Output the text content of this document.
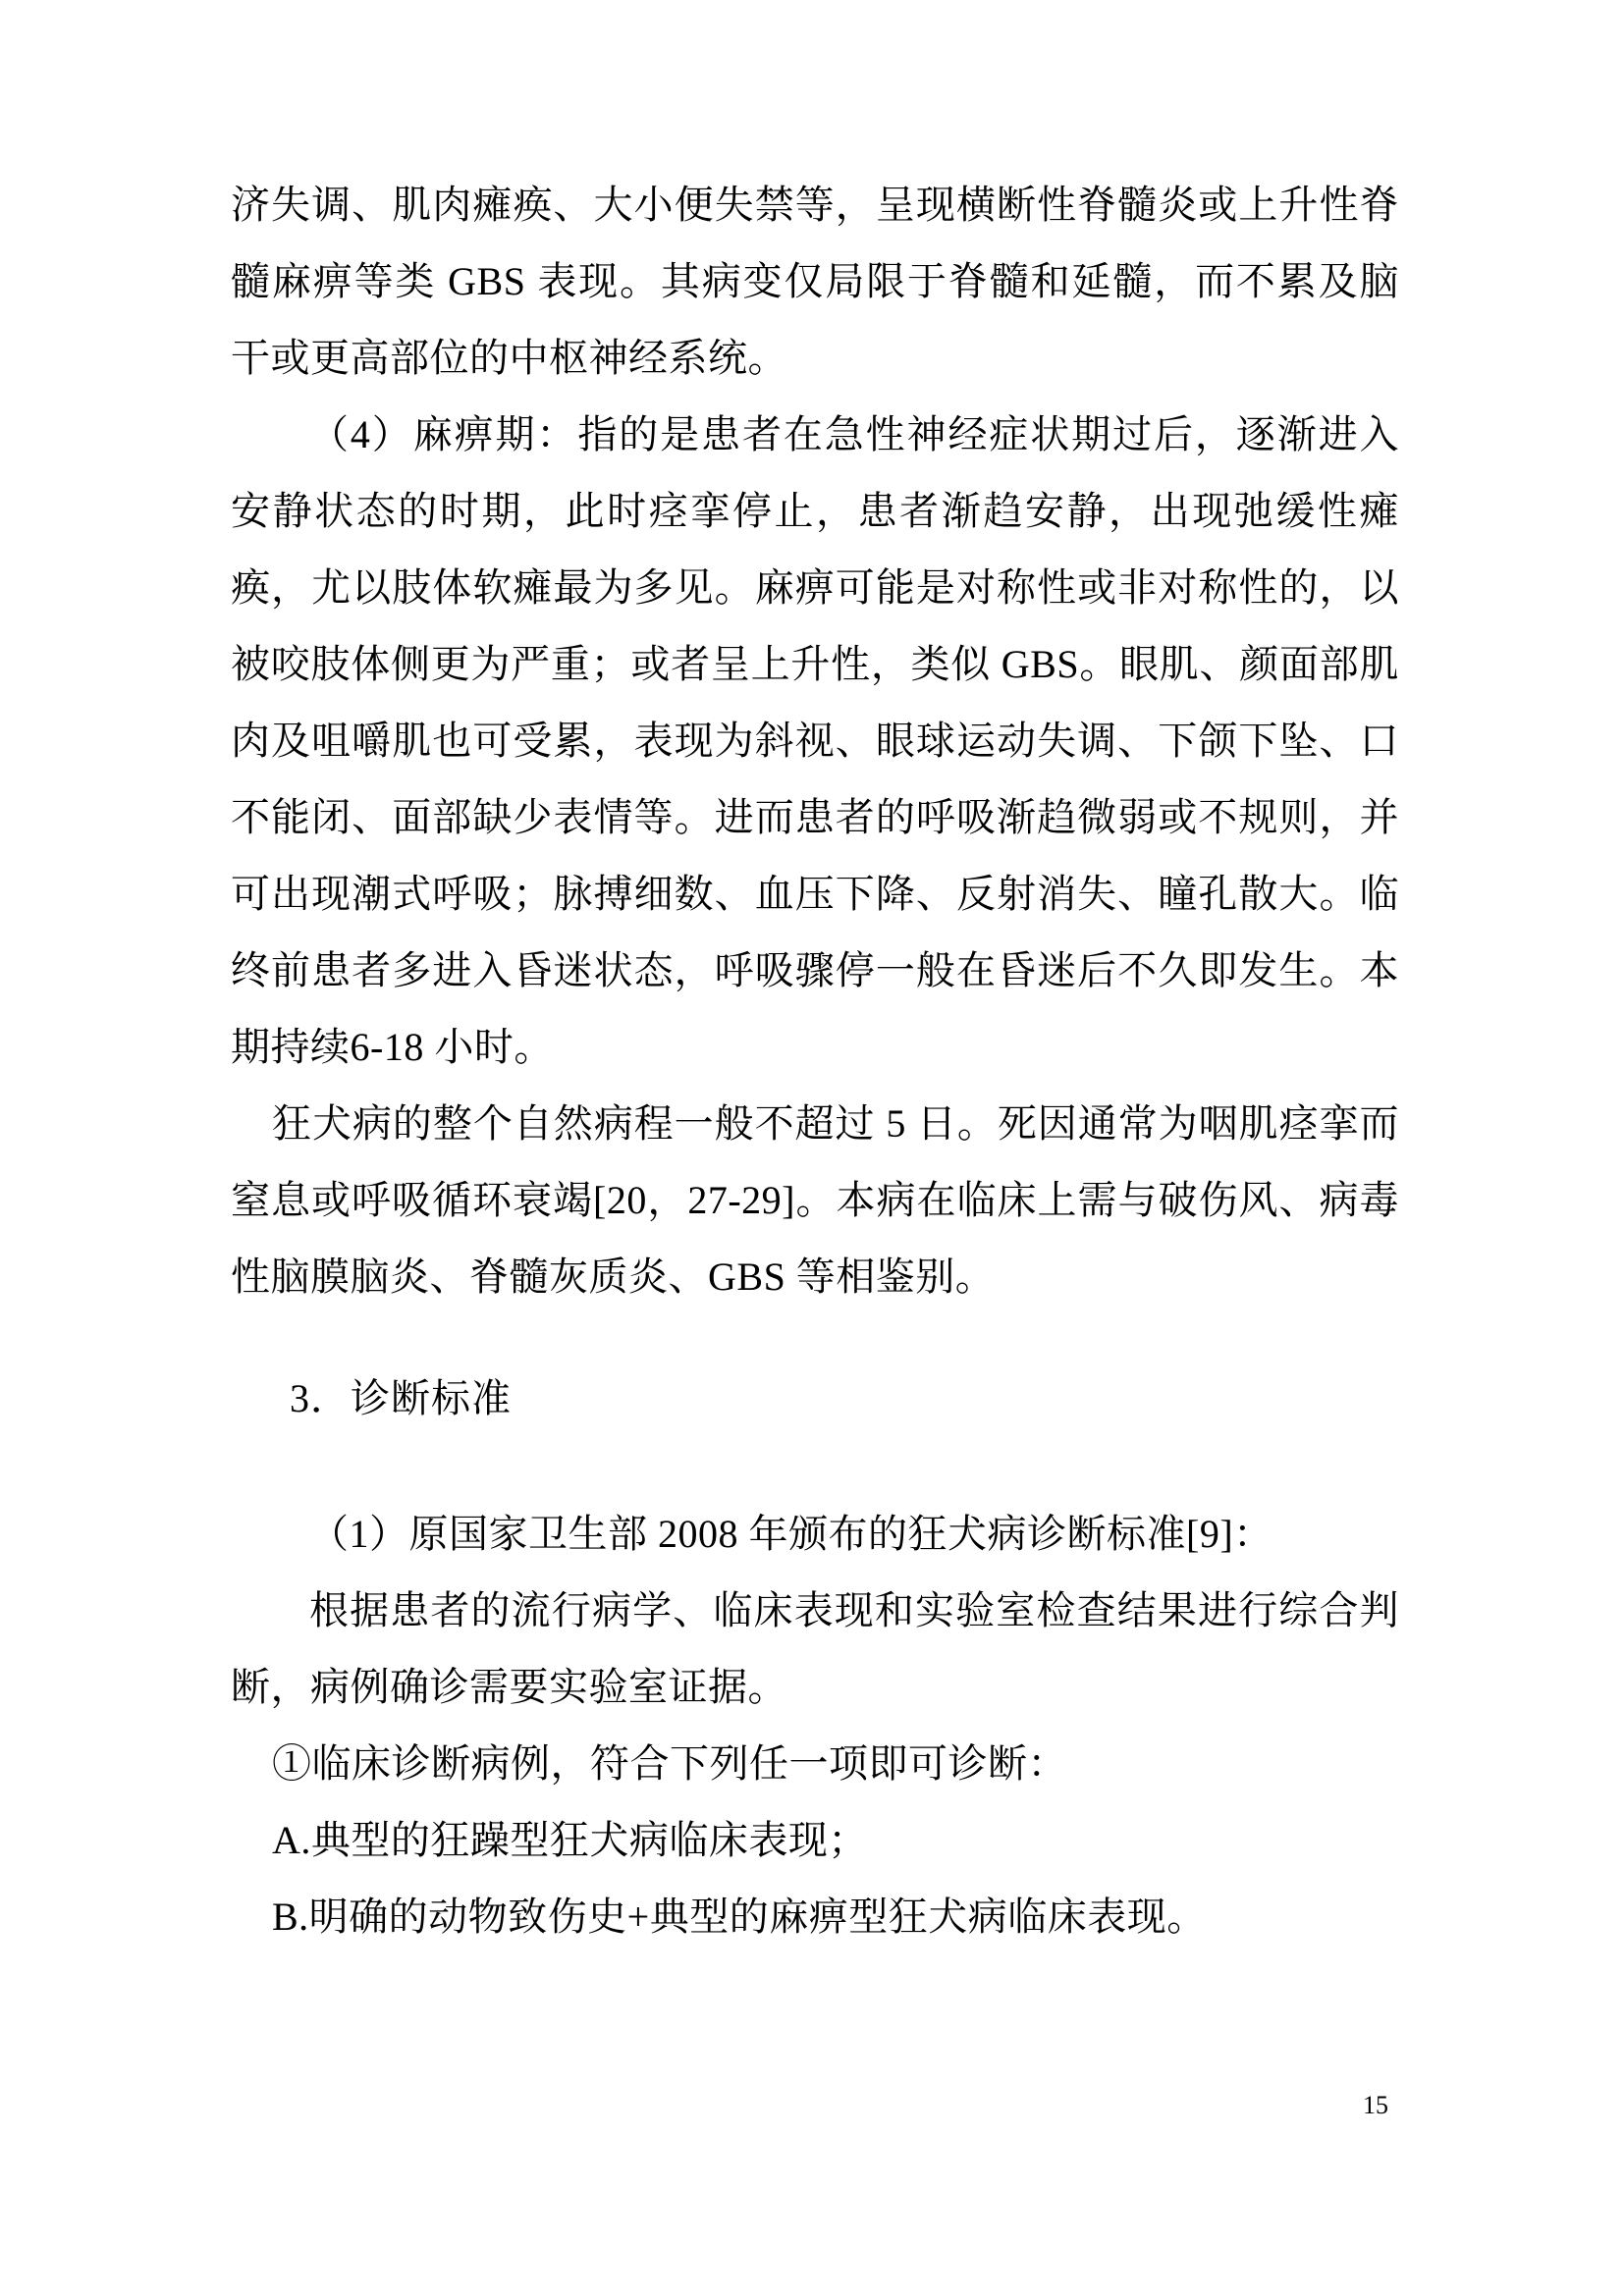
济失调、肌肉瘫痪、大小便失禁等，呈现横断性脊髓炎或上升性脊髓麻痹等类 GBS 表现。其病变仅局限于脊髓和延髓，而不累及脑干或更高部位的中枢神经系统。

（4）麻痹期：指的是患者在急性神经症状期过后，逐渐进入安静状态的时期，此时痉挛停止，患者渐趋安静，出现弛缓性瘫痪，尤以肢体软瘫最为多见。麻痹可能是对称性或非对称性的，以被咬肢体侧更为严重；或者呈上升性，类似 GBS。眼肌、颜面部肌肉及咀嚼肌也可受累，表现为斜视、眼球运动失调、下颌下坠、口不能闭、面部缺少表情等。进而患者的呼吸渐趋微弱或不规则，并可出现潮式呼吸；脉搏细数、血压下降、反射消失、瞳孔散大。临终前患者多进入昏迷状态，呼吸骤停一般在昏迷后不久即发生。本期持续6-18 小时。

狂犬病的整个自然病程一般不超过 5 日。死因通常为咽肌痉挛而窒息或呼吸循环衰竭[20，27-29]。本病在临床上需与破伤风、病毒性脑膜脑炎、脊髓灰质炎、GBS 等相鉴别。

3．诊断标准

（1）原国家卫生部 2008 年颁布的狂犬病诊断标准[9]：

根据患者的流行病学、临床表现和实验室检查结果进行综合判断，病例确诊需要实验室证据。

①临床诊断病例，符合下列任一项即可诊断：

A.典型的狂躁型狂犬病临床表现；

B.明确的动物致伤史+典型的麻痹型狂犬病临床表现。

15
